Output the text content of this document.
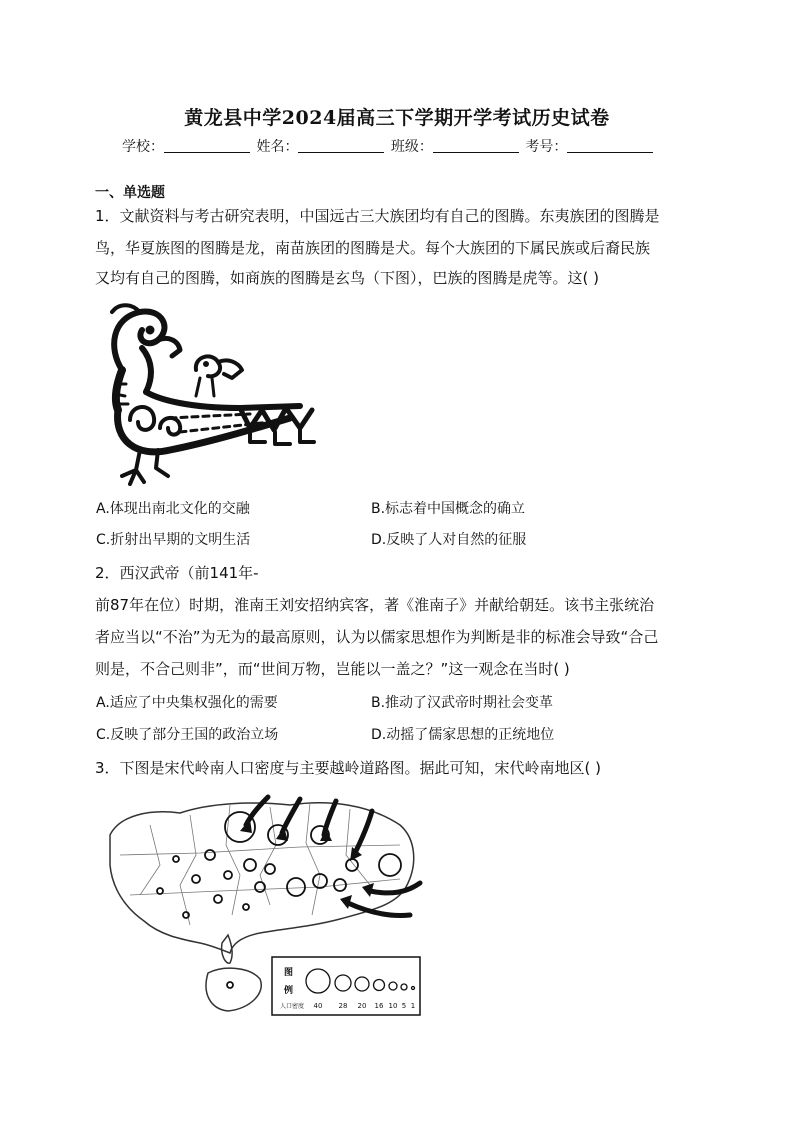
黄龙县中学2024届高三下学期开学考试历史试卷
学校：	姓名：	班级：	考号：
一、单选题
1．文献资料与考古研究表明，中国远古三大族团均有自己的图腾。东夷族团的图腾是
鸟，华夏族图的图腾是龙，南苗族团的图腾是犬。每个大族团的下属民族或后裔民族
又均有自己的图腾，如商族的图腾是玄鸟（下图），巴族的图腾是虎等。这( )
A.体现出南北文化的交融	B.标志着中国概念的确立
C.折射出早期的文明生活	D.反映了人对自然的征服
2．西汉武帝（前141年-
前87年在位）时期，淮南王刘安招纳宾客，著《淮南子》并献给朝廷。该书主张统治
者应当以“不治”为无为的最高原则，认为以儒家思想作为判断是非的标准会导致“合己
则是，不合己则非”，而“世间万物，岂能以一盖之？”这一观念在当时( )
A.适应了中央集权强化的需要	B.推动了汉武帝时期社会变革
C.反映了部分王国的政治立场	D.动摇了儒家思想的正统地位
3．下图是宋代岭南人口密度与主要越岭道路图。据此可知，宋代岭南地区( )
图
例
人口密度 40 28 20 16 10 5 1
